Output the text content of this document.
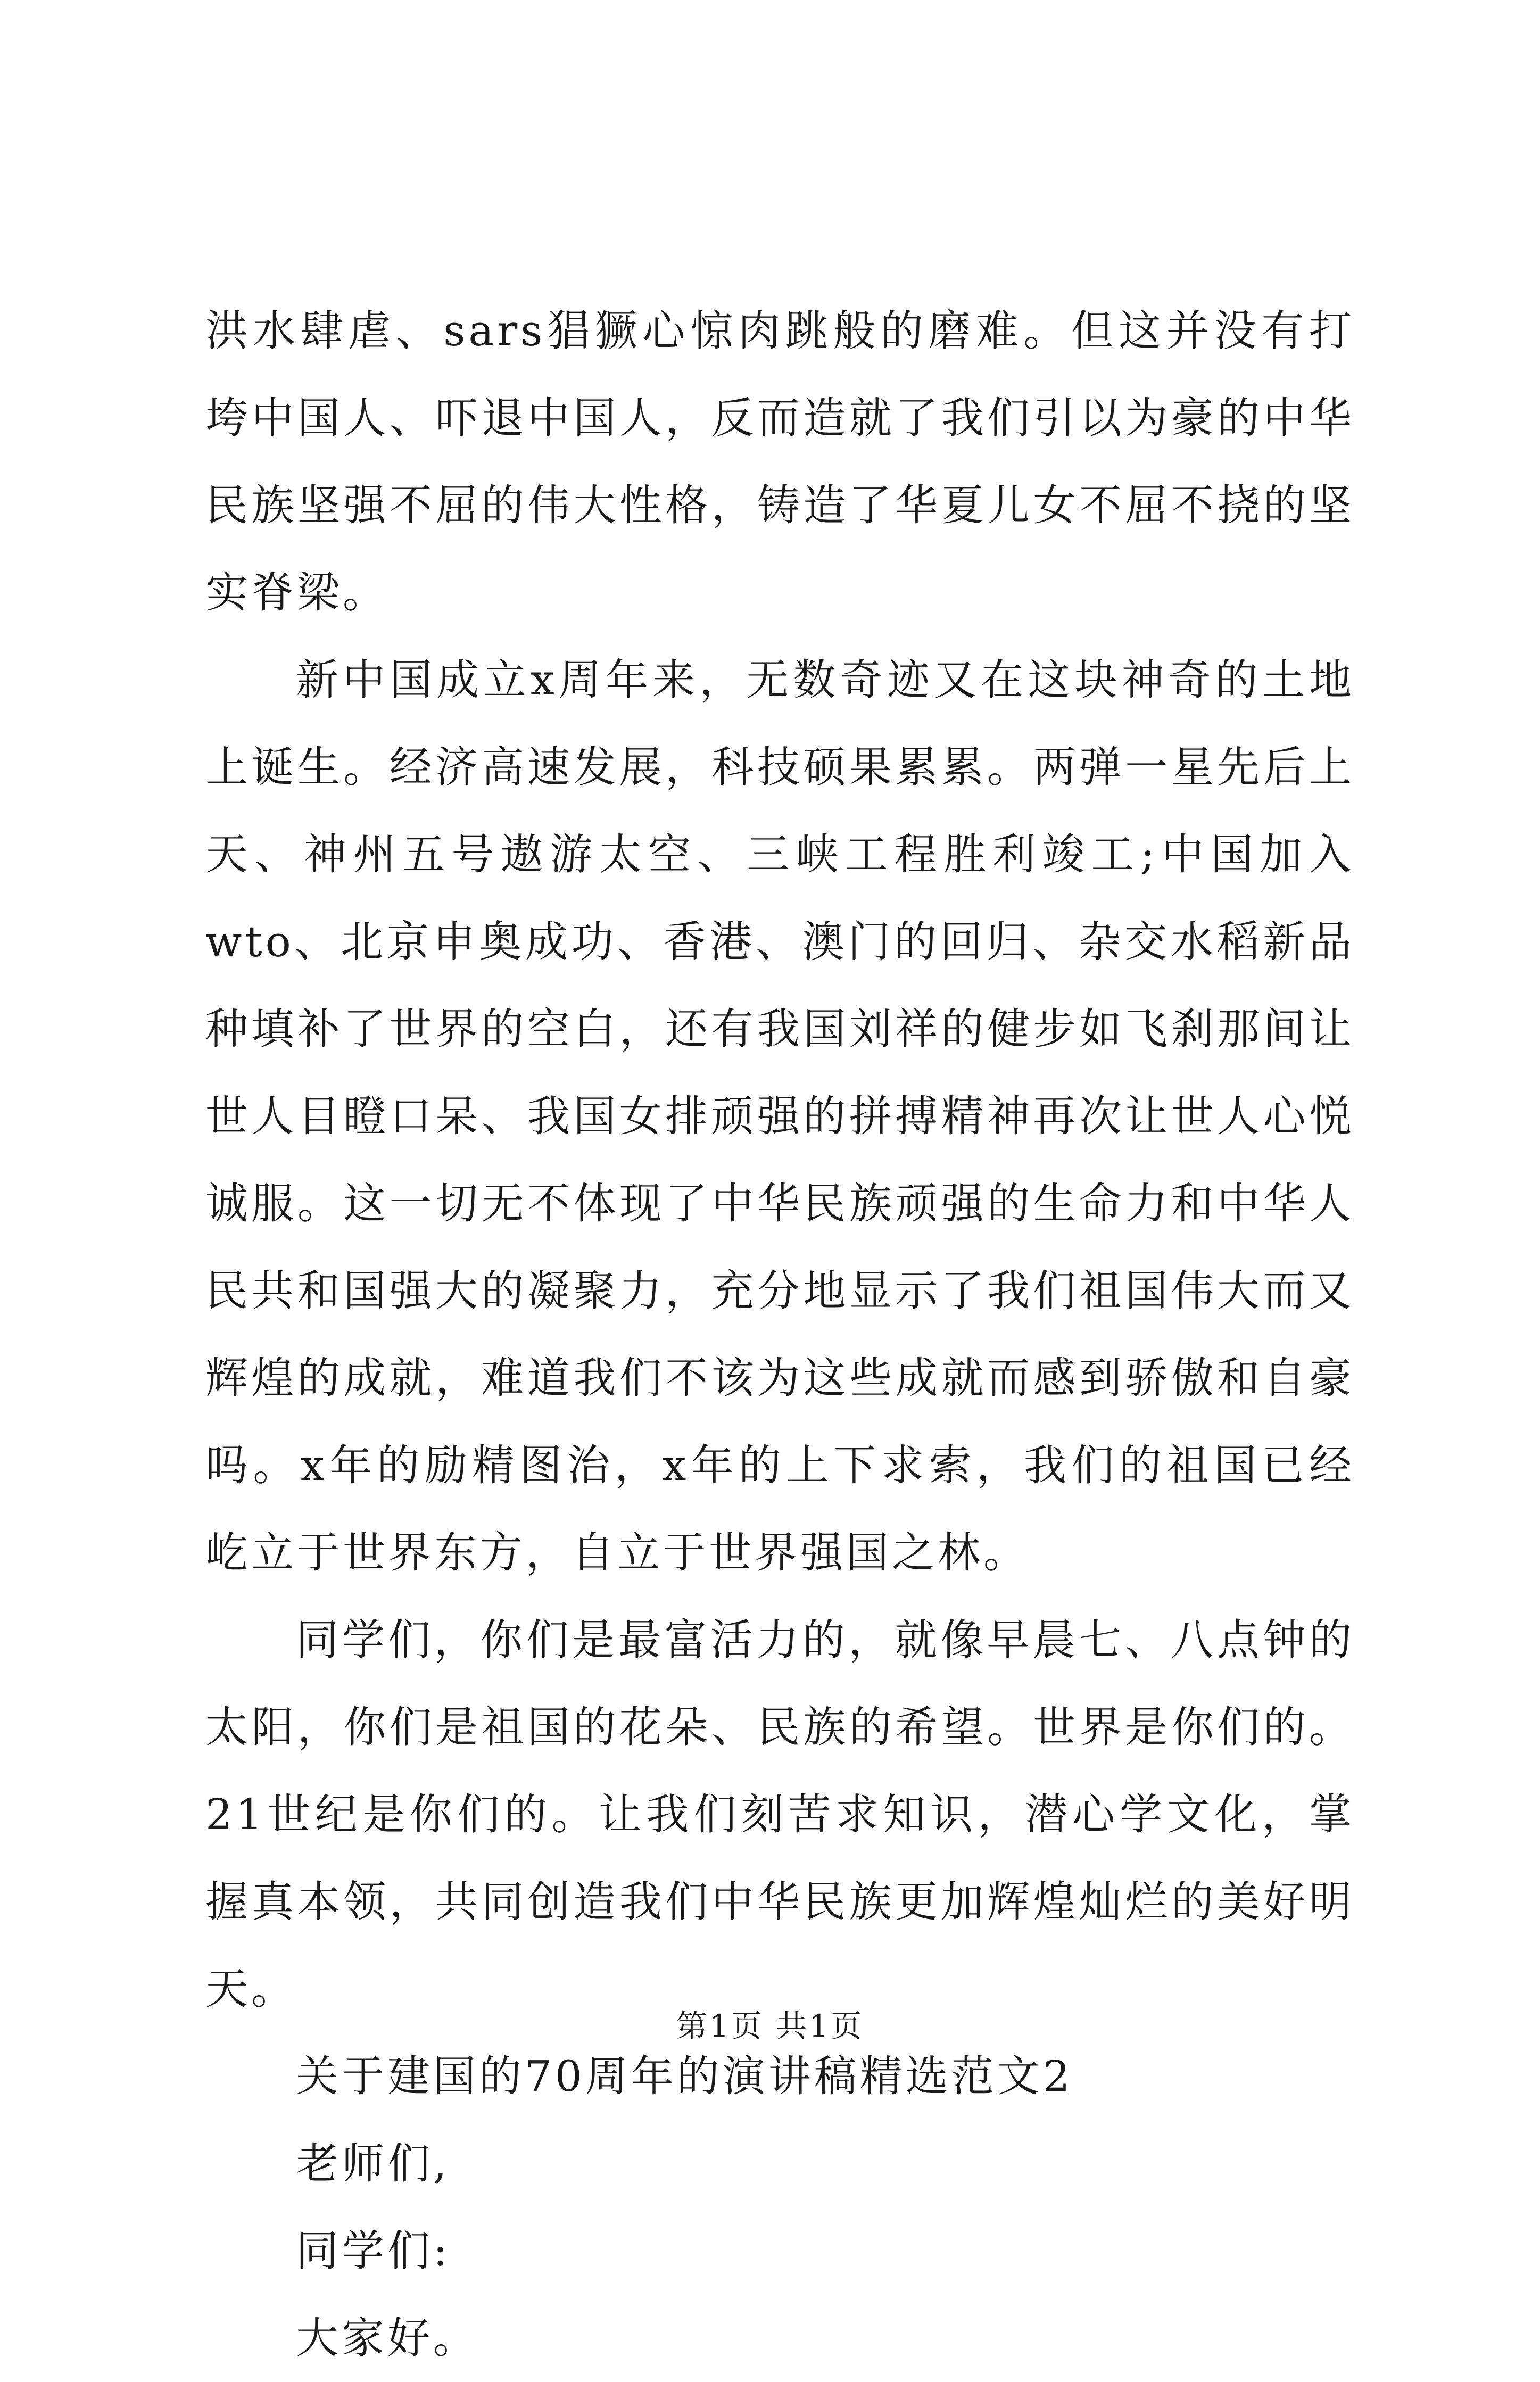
洪水肆虐、sars猖獗心惊肉跳般的磨难。但这并没有打垮中国人、吓退中国人，反而造就了我们引以为豪的中华民族坚强不屈的伟大性格，铸造了华夏儿女不屈不挠的坚实脊梁。

新中国成立x周年来，无数奇迹又在这块神奇的土地上诞生。经济高速发展，科技硕果累累。两弹一星先后上天、神州五号遨游太空、三峡工程胜利竣工;中国加入wto、北京申奥成功、香港、澳门的回归、杂交水稻新品种填补了世界的空白，还有我国刘祥的健步如飞刹那间让世人目瞪口呆、我国女排顽强的拼搏精神再次让世人心悦诚服。这一切无不体现了中华民族顽强的生命力和中华人民共和国强大的凝聚力，充分地显示了我们祖国伟大而又辉煌的成就，难道我们不该为这些成就而感到骄傲和自豪吗。x年的励精图治，x年的上下求索，我们的祖国已经屹立于世界东方，自立于世界强国之林。

同学们，你们是最富活力的，就像早晨七、八点钟的太阳，你们是祖国的花朵、民族的希望。世界是你们的。21世纪是你们的。让我们刻苦求知识，潜心学文化，掌握真本领，共同创造我们中华民族更加辉煌灿烂的美好明天。

关于建国的70周年的演讲稿精选范文2

老师们,

同学们:

大家好。

第1页 共1页
